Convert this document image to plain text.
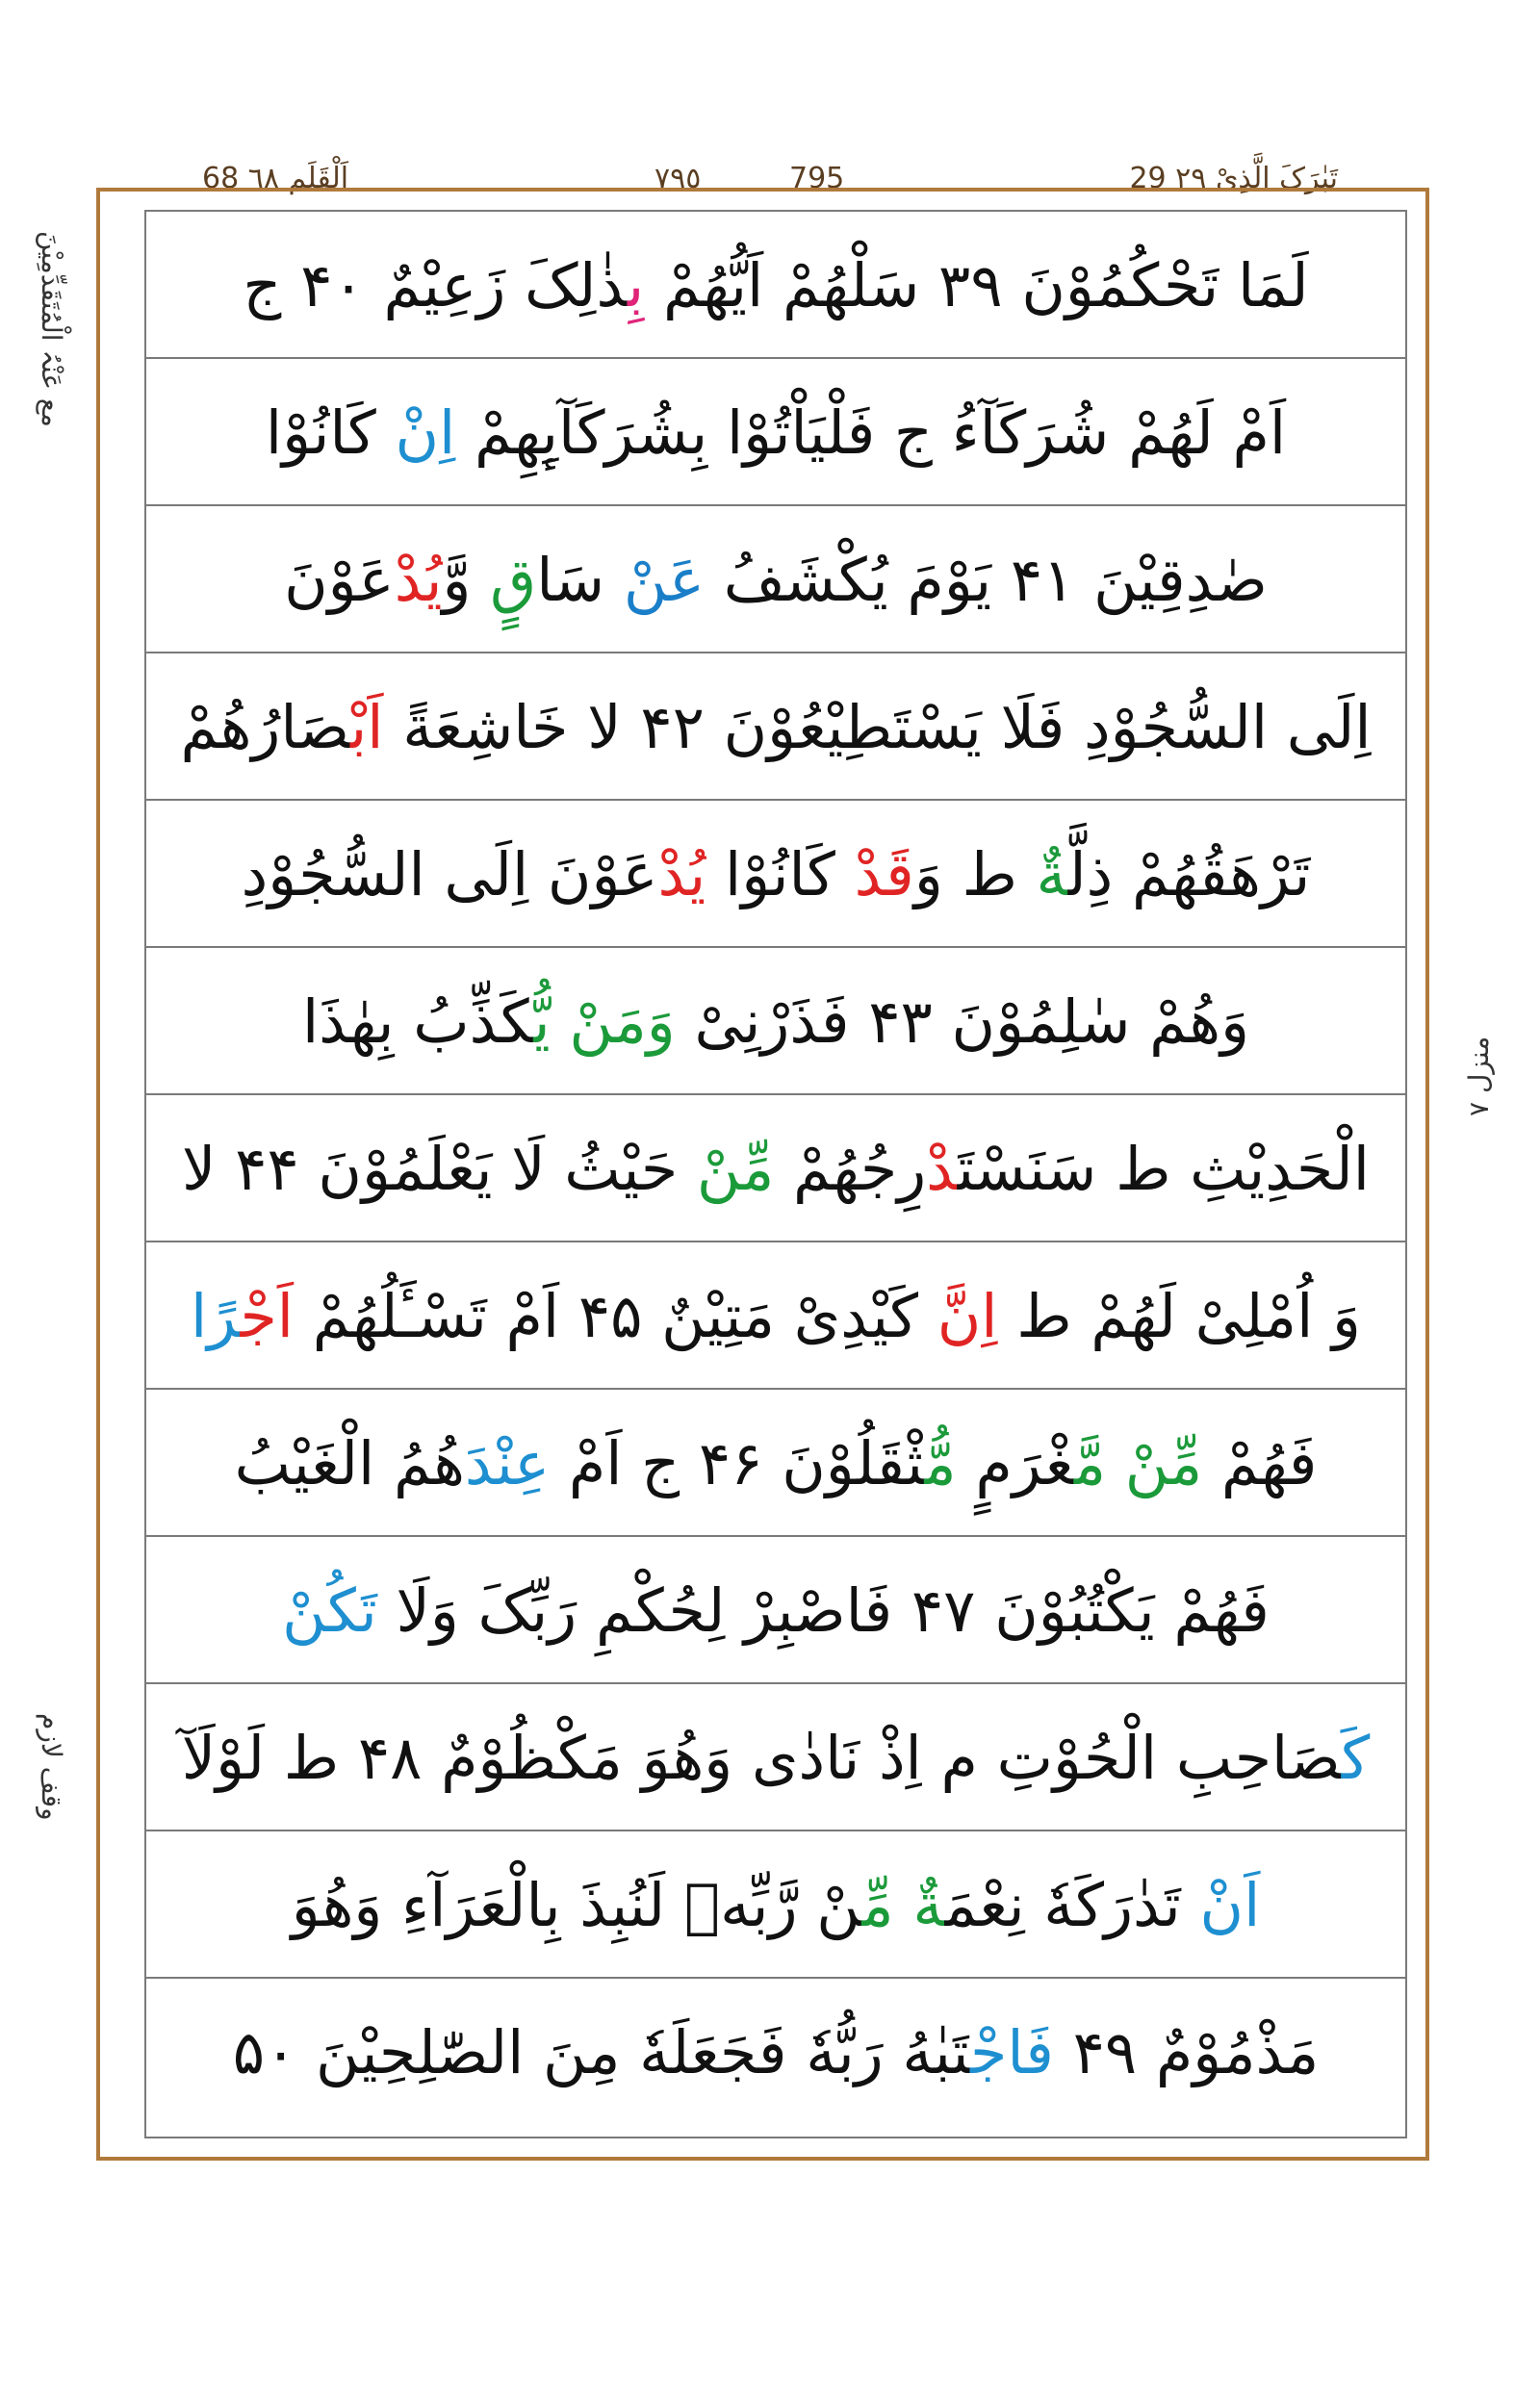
68 اَلْقَلَم ٦٨	٧٩٥	795	29 تَبٰرَکَ الَّذِیْ ٢٩
مع عَنْہُ الْمُتَقَدِّمِیْنَ
منزل ٧
وقف لازم
لَمَا تَحْکُمُوْنَ ۳۹ سَلْهُمْ اَیُّهُمْ بِذٰلِکَ زَعِیْمٌ ۴۰ ج
اَمْ لَهُمْ شُرَکَآءُ ج فَلْیَاْتُوْا بِشُرَکَآىِٕهِمْ اِنْ کَانُوْا
صٰدِقِیْنَ ۴۱ یَوْمَ یُکْشَفُ عَنْ سَاقٍ وَّیُدْعَوْنَ
اِلَی السُّجُوْدِ فَلَا یَسْتَطِیْعُوْنَ ۴۲ لا خَاشِعَةً اَبْصَارُهُمْ
تَرْهَقُهُمْ ذِلَّةٌ ط وَقَدْ کَانُوْا یُدْعَوْنَ اِلَی السُّجُوْدِ
وَهُمْ سٰلِمُوْنَ ۴۳ فَذَرْنِیْ وَمَنْ یُّکَذِّبُ بِهٰذَا
الْحَدِیْثِ ط سَنَسْتَدْرِجُهُمْ مِّنْ حَیْثُ لَا یَعْلَمُوْنَ ۴۴ لا
وَ اُمْلِیْ لَهُمْ ط اِنَّ کَیْدِیْ مَتِیْنٌ ۴۵ اَمْ تَسْـَٔلُهُمْ اَجْرًا
فَهُمْ مِّنْ مَّغْرَمٍ مُّثْقَلُوْنَ ۴۶ ج اَمْ عِنْدَهُمُ الْغَیْبُ
فَهُمْ یَکْتُبُوْنَ ۴۷ فَاصْبِرْ لِحُکْمِ رَبِّکَ وَلَا تَکُنْ
کَصَاحِبِ الْحُوْتِ م اِذْ نَادٰی وَهُوَ مَکْظُوْمٌ ۴۸ ط لَوْلَآ
اَنْ تَدٰرَکَهٗ نِعْمَةٌ مِّنْ رَّبِّهٖ لَنُبِذَ بِالْعَرَآءِ وَهُوَ
مَذْمُوْمٌ ۴۹ فَاجْتَبٰهُ رَبُّهٗ فَجَعَلَهٗ مِنَ الصّٰلِحِیْنَ ۵۰
